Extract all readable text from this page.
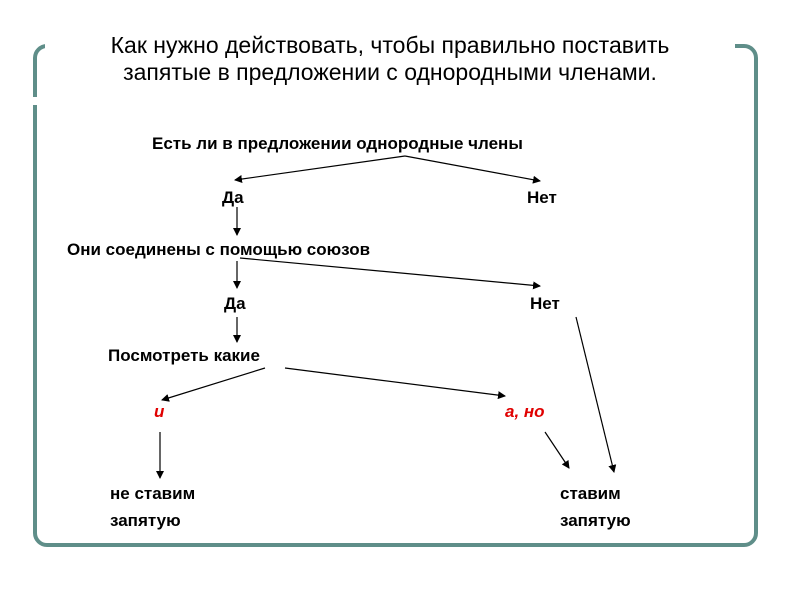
Как нужно действовать, чтобы правильно поставить
запятые в предложении с однородными членами.
Есть ли в предложении однородные члены
Да	Нет
Они соединены с помощью союзов
Да	Нет
Посмотреть какие
и	а, но
не ставим
запятую
ставим
запятую
